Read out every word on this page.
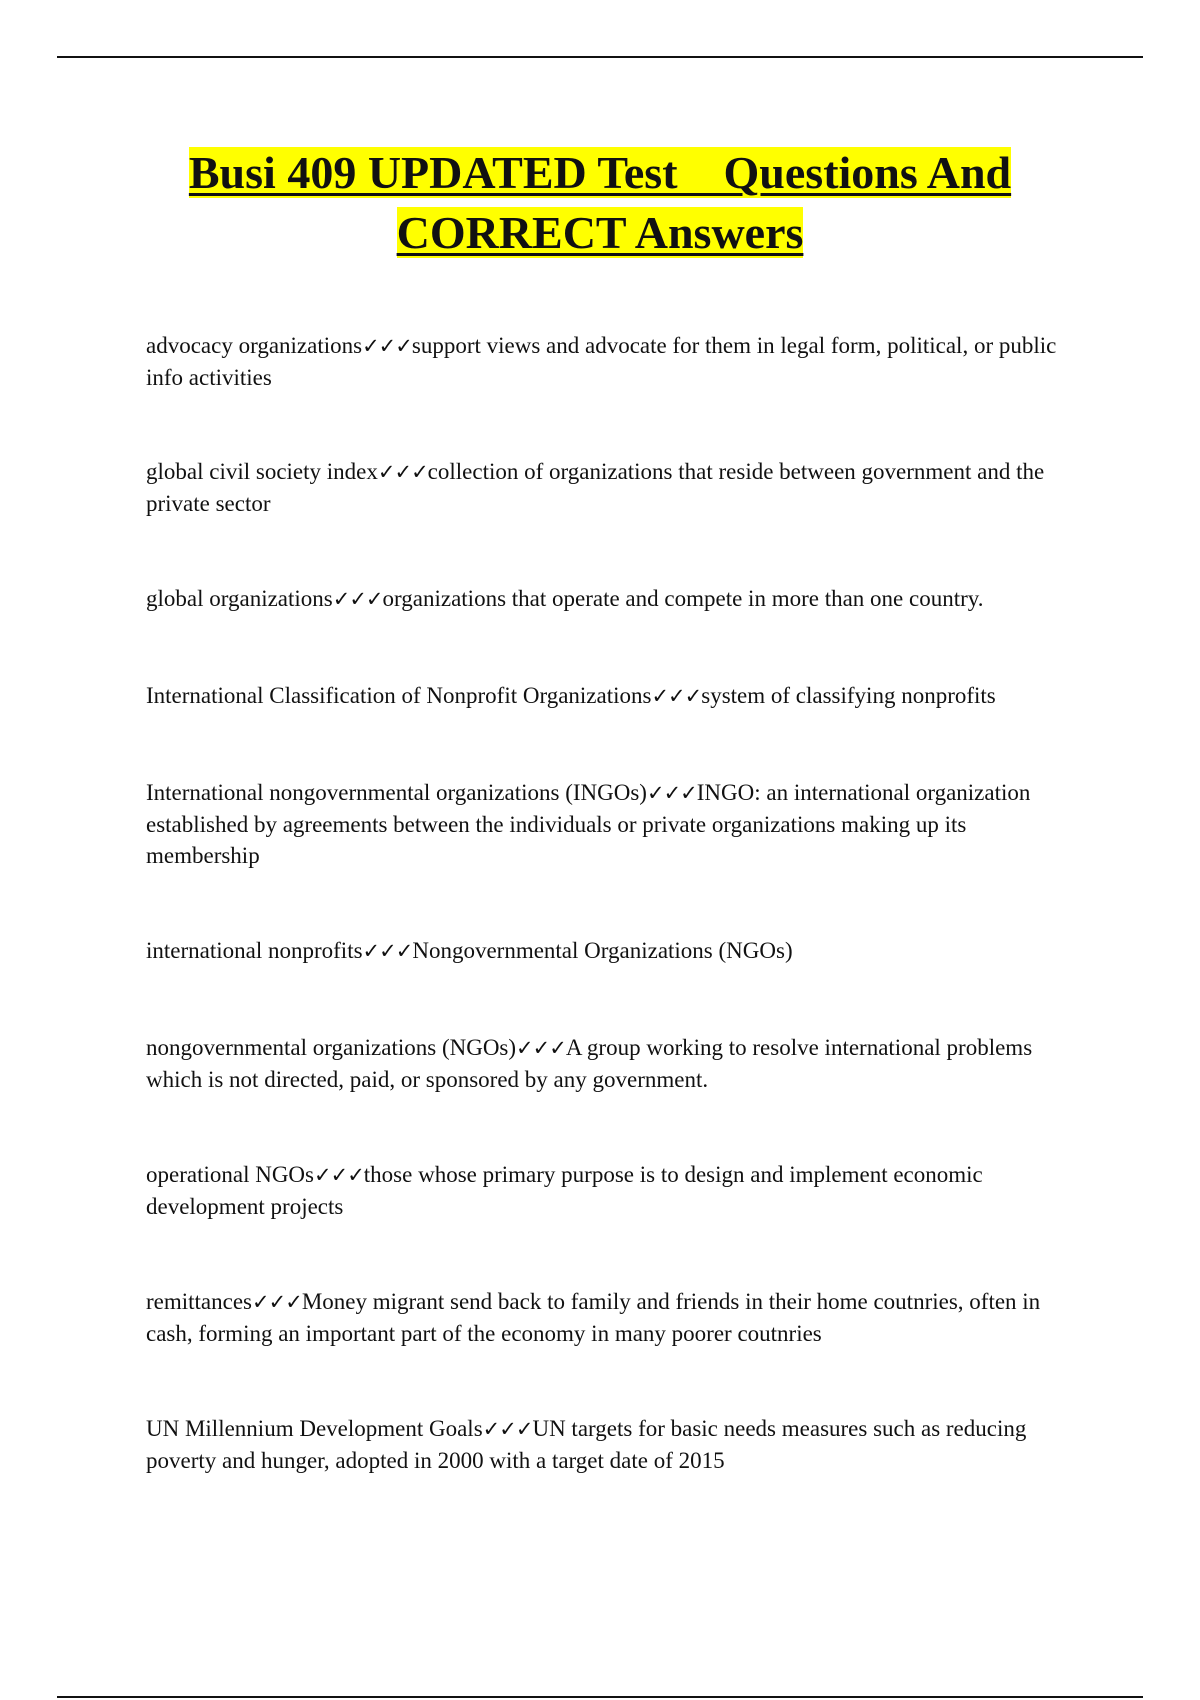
Busi 409 UPDATED Test    Questions And
CORRECT Answers
advocacy organizations✓✓✓support views and advocate for them in legal form, political, or public info activities
global civil society index✓✓✓collection of organizations that reside between government and the private sector
global organizations✓✓✓organizations that operate and compete in more than one country.
International Classification of Nonprofit Organizations✓✓✓system of classifying nonprofits
International nongovernmental organizations (INGOs)✓✓✓INGO: an international organization established by agreements between the individuals or private organizations making up its membership
international nonprofits✓✓✓Nongovernmental Organizations (NGOs)
nongovernmental organizations (NGOs)✓✓✓A group working to resolve international problems which is not directed, paid, or sponsored by any government.
operational NGOs✓✓✓those whose primary purpose is to design and implement economic development projects
remittances✓✓✓Money migrant send back to family and friends in their home coutnries, often in cash, forming an important part of the economy in many poorer coutnries
UN Millennium Development Goals✓✓✓UN targets for basic needs measures such as reducing poverty and hunger, adopted in 2000 with a target date of 2015
